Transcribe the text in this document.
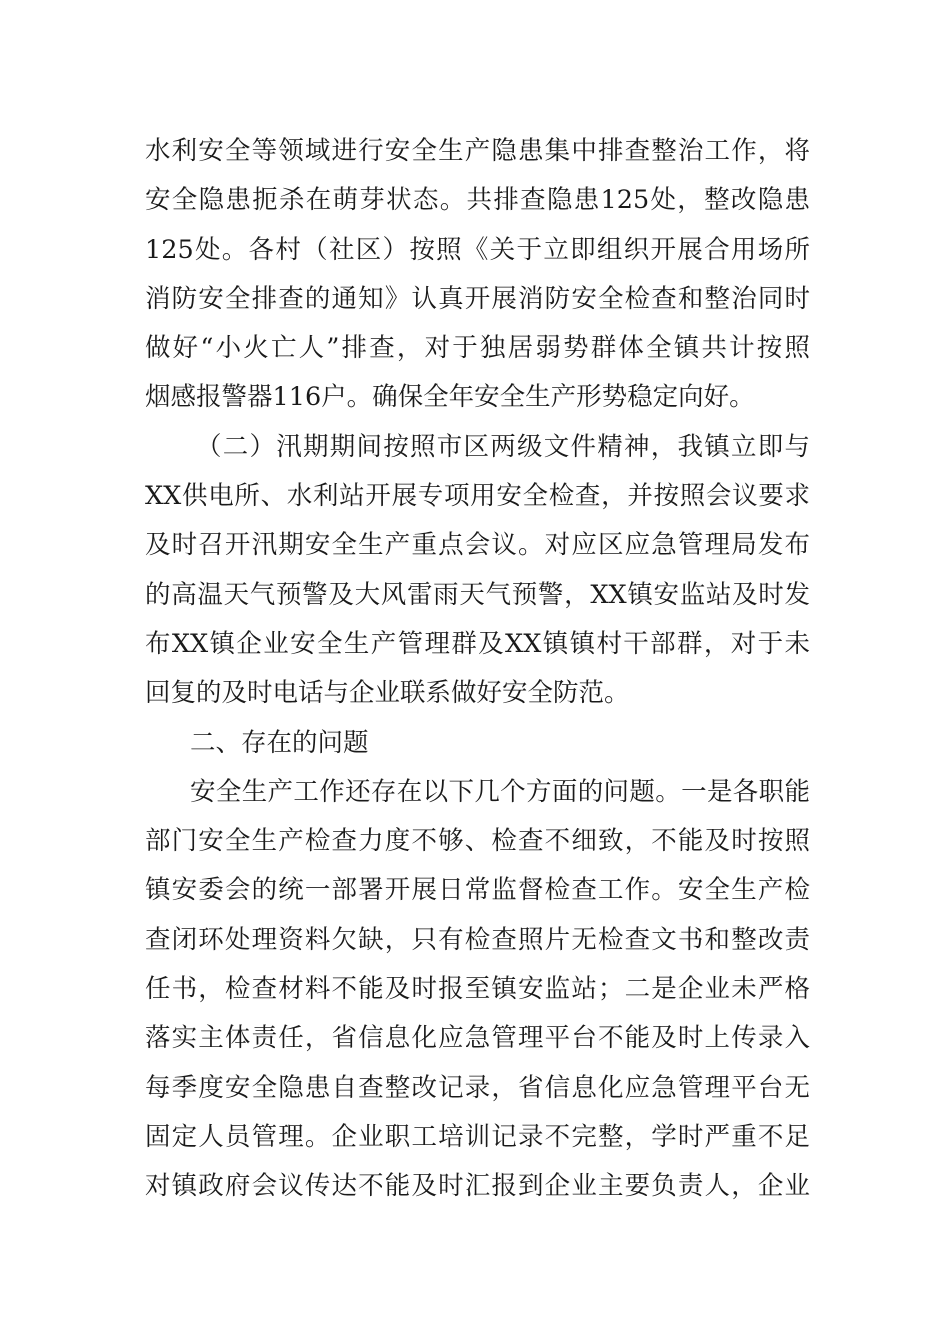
水利安全等领域进行安全生产隐患集中排查整治工作，将
安全隐患扼杀在萌芽状态。共排查隐患125处，整改隐患
125处。各村（社区）按照《关于立即组织开展合用场所
消防安全排查的通知》认真开展消防安全检查和整治同时
做好“小火亡人”排查，对于独居弱势群体全镇共计按照
烟感报警器116户。确保全年安全生产形势稳定向好。
（二）汛期期间按照市区两级文件精神，我镇立即与
XX供电所、水利站开展专项用安全检查，并按照会议要求
及时召开汛期安全生产重点会议。对应区应急管理局发布
的高温天气预警及大风雷雨天气预警，XX镇安监站及时发
布XX镇企业安全生产管理群及XX镇镇村干部群，对于未
回复的及时电话与企业联系做好安全防范。
二、存在的问题
安全生产工作还存在以下几个方面的问题。一是各职能
部门安全生产检查力度不够、检查不细致，不能及时按照
镇安委会的统一部署开展日常监督检查工作。安全生产检
查闭环处理资料欠缺，只有检查照片无检查文书和整改责
任书，检查材料不能及时报至镇安监站；二是企业未严格
落实主体责任，省信息化应急管理平台不能及时上传录入
每季度安全隐患自查整改记录，省信息化应急管理平台无
固定人员管理。企业职工培训记录不完整，学时严重不足
对镇政府会议传达不能及时汇报到企业主要负责人，企业
